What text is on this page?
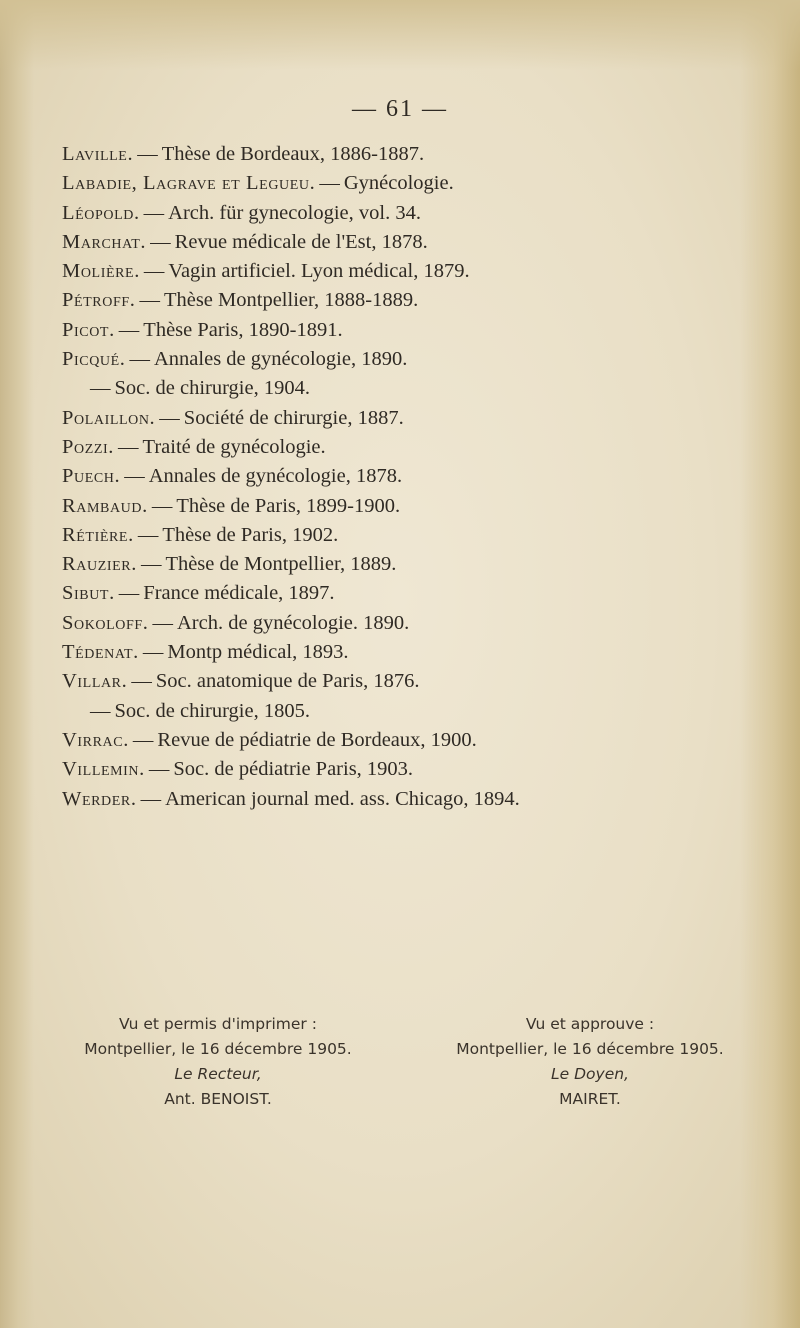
— 61 —
Laville. — Thèse de Bordeaux, 1886-1887.
Labadie, Lagrave et Legueu. — Gynécologie.
Léopold. — Arch. für gynecologie, vol. 34.
Marchat. — Revue médicale de l'Est, 1878.
Molière. — Vagin artificiel. Lyon médical, 1879.
Pétroff. — Thèse Montpellier, 1888-1889.
Picot. — Thèse Paris, 1890-1891.
Picqué. — Annales de gynécologie, 1890.
— Soc. de chirurgie, 1904.
Polaillon. — Société de chirurgie, 1887.
Pozzi. — Traité de gynécologie.
Puech. — Annales de gynécologie, 1878.
Rambaud. — Thèse de Paris, 1899-1900.
Rétière. — Thèse de Paris, 1902.
Rauzier. — Thèse de Montpellier, 1889.
Sibut. — France médicale, 1897.
Sokoloff. — Arch. de gynécologie. 1890.
Tédenat. — Montp médical, 1893.
Villar. — Soc. anatomique de Paris, 1876.
— Soc. de chirurgie, 1805.
Virrac. — Revue de pédiatrie de Bordeaux, 1900.
Villemin. — Soc. de pédiatrie Paris, 1903.
Werder. — American journal med. ass. Chicago, 1894.
Vu et permis d'imprimer :
Montpellier, le 16 décembre 1905.
Le Recteur,
Ant. BENOIST.
Vu et approuve :
Montpellier, le 16 décembre 1905.
Le Doyen,
MAIRET.
